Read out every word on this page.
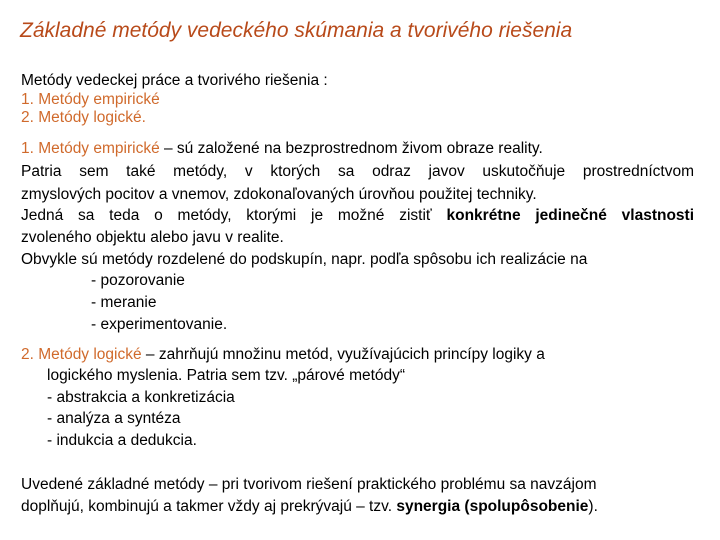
Základné metódy vedeckého skúmania a tvorivého riešenia
Metódy vedeckej práce a tvorivého riešenia :
1. Metódy empirické
2. Metódy logické.
1. Metódy empirické – sú založené na bezprostrednom živom obraze reality.
Patria sem také metódy, v ktorých sa odraz javov uskutočňuje prostredníctvom
zmyslových pocitov a vnemov, zdokonaľovaných úrovňou použitej techniky.
Jedná sa teda o metódy, ktorými je možné zistiť konkrétne jedinečné vlastnosti
zvoleného objektu alebo javu v realite.
Obvykle sú metódy rozdelené do podskupín, napr. podľa spôsobu ich realizácie na
- pozorovanie
- meranie
- experimentovanie.
2. Metódy logické – zahrňujú množinu metód, využívajúcich princípy logiky a
logického myslenia. Patria sem tzv. „párové metódy“
- abstrakcia a konkretizácia
- analýza a syntéza
- indukcia a dedukcia.
Uvedené základné metódy – pri tvorivom riešení praktického problému sa navzájom
doplňujú, kombinujú a takmer vždy aj prekrývajú – tzv. synergia (spolupôsobenie).
